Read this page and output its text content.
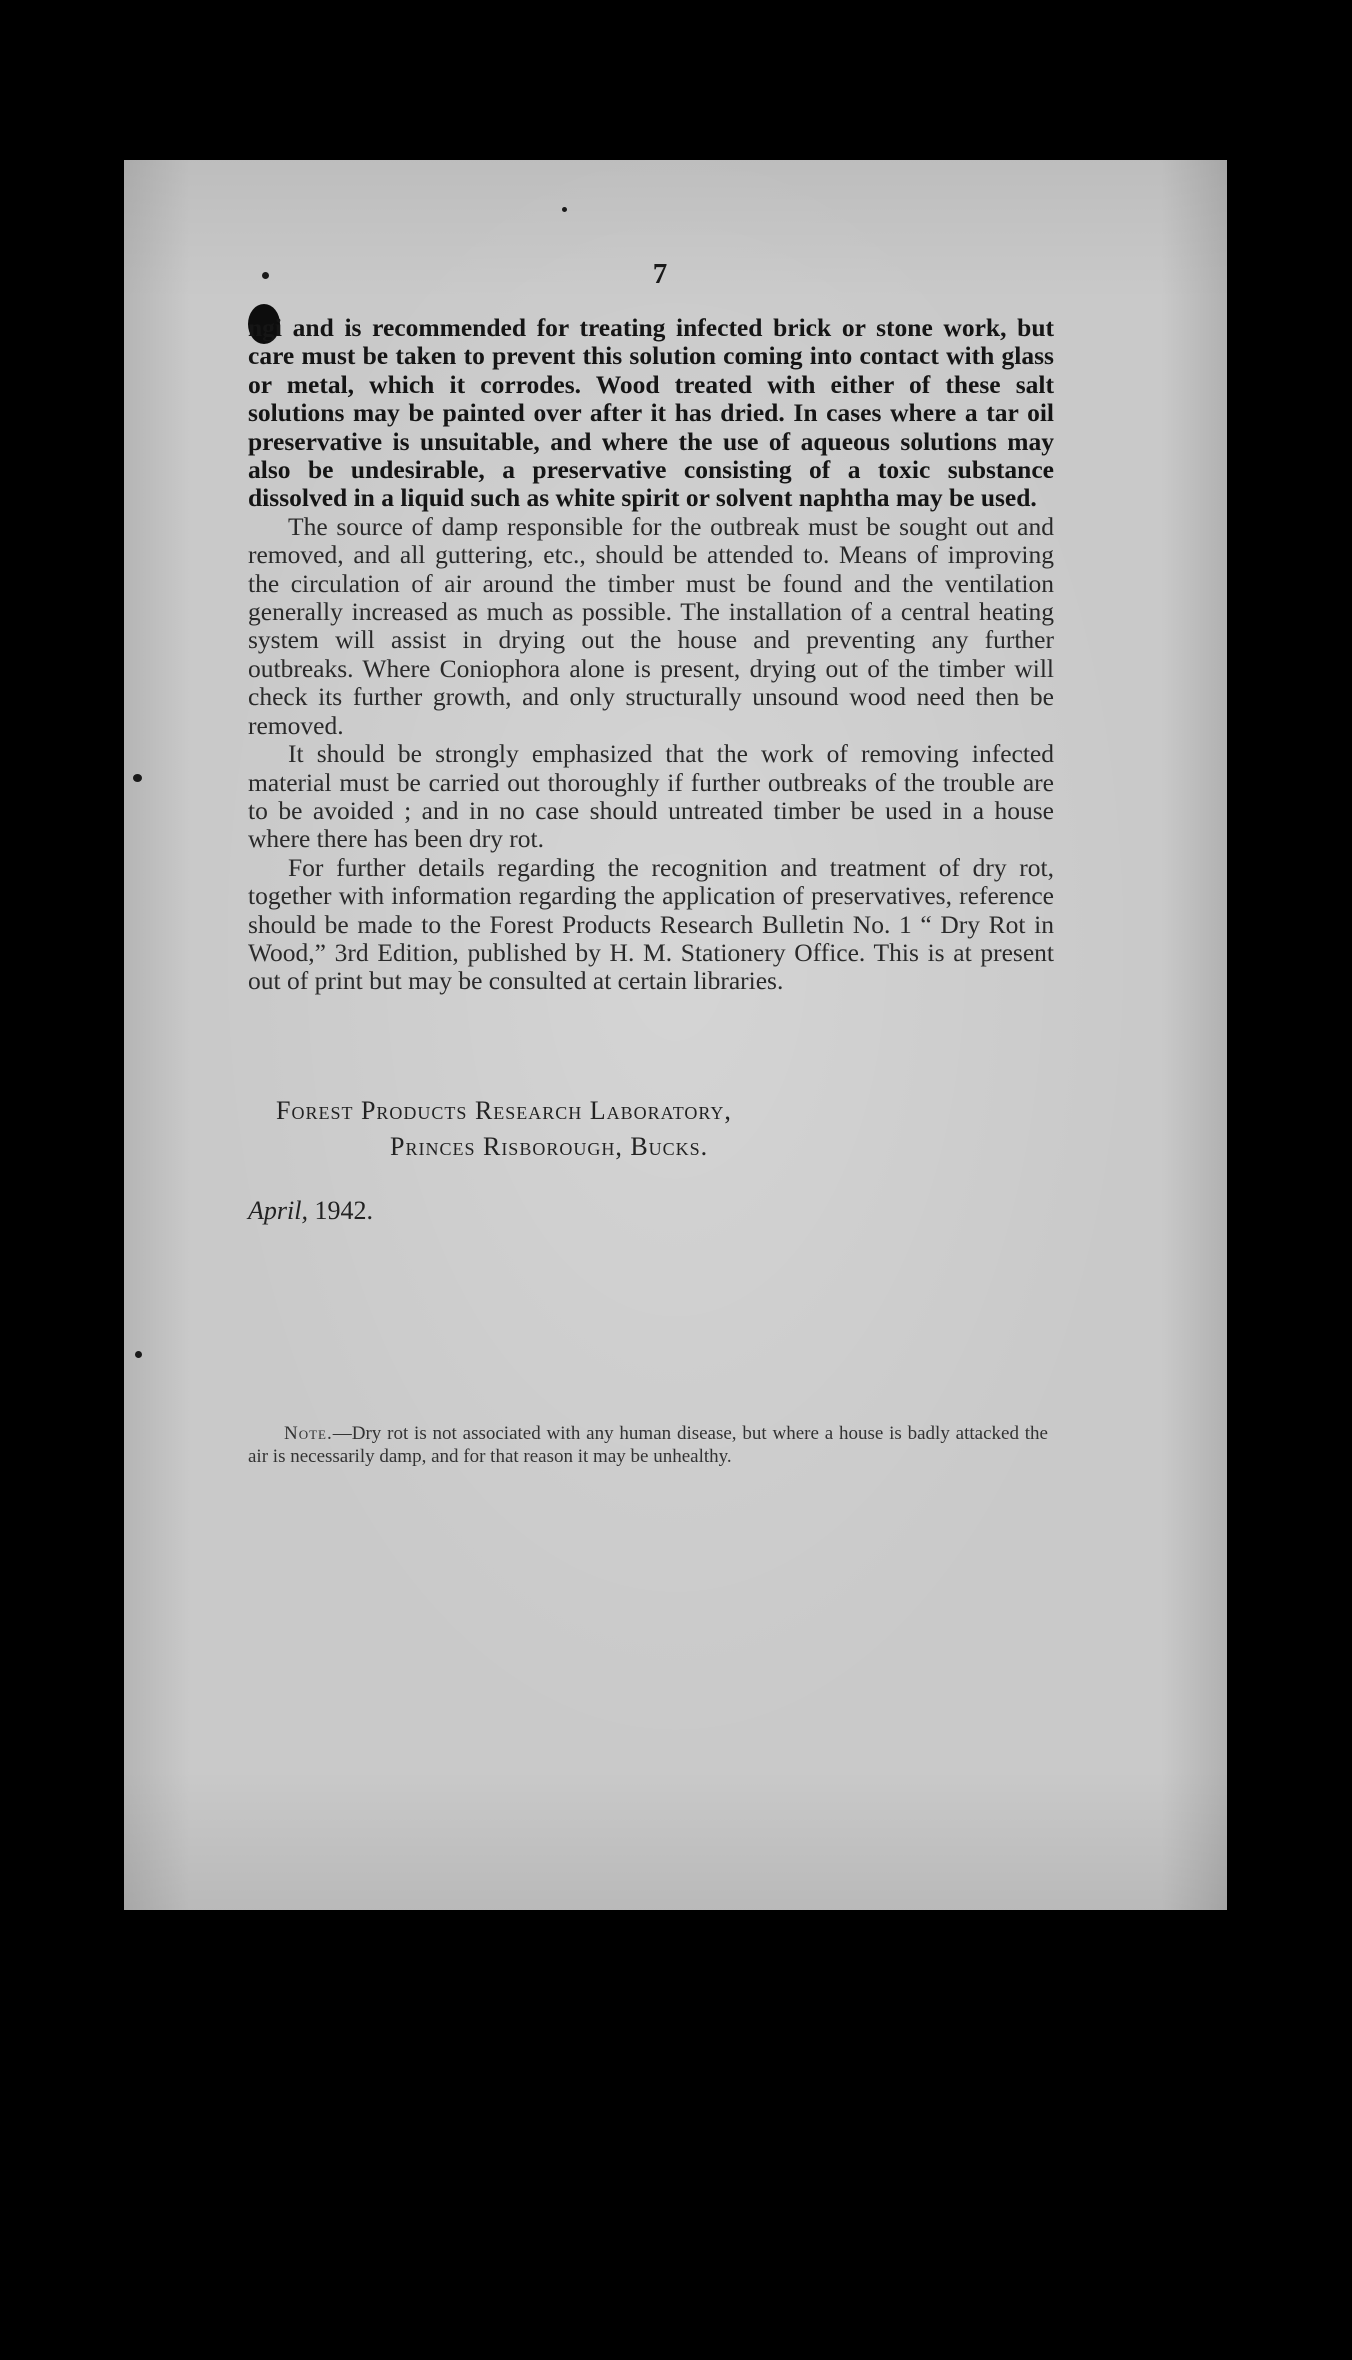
7

ngi and is recommended for treating infected brick or stone work, but care must be taken to prevent this solution coming into contact with glass or metal, which it corrodes. Wood treated with either of these salt solutions may be painted over after it has dried. In cases where a tar oil preservative is unsuitable, and where the use of aqueous solutions may also be undesirable, a preservative consisting of a toxic substance dissolved in a liquid such as white spirit or solvent naphtha may be used.

The source of damp responsible for the outbreak must be sought out and removed, and all guttering, etc., should be attended to. Means of improving the circulation of air around the timber must be found and the ventilation generally increased as much as possible. The installation of a central heating system will assist in drying out the house and preventing any further outbreaks. Where Coniophora alone is present, drying out of the timber will check its further growth, and only structurally unsound wood need then be removed.

It should be strongly emphasized that the work of removing infected material must be carried out thoroughly if further outbreaks of the trouble are to be avoided ; and in no case should untreated timber be used in a house where there has been dry rot.

For further details regarding the recognition and treatment of dry rot, together with information regarding the application of preservatives, reference should be made to the Forest Products Research Bulletin No. 1 “ Dry Rot in Wood,” 3rd Edition, published by H. M. Stationery Office. This is at present out of print but may be consulted at certain libraries.

Forest Products Research Laboratory,
Princes Risborough, Bucks.
April, 1942.
Note.—Dry rot is not associated with any human disease, but where a house is badly attacked the air is necessarily damp, and for that reason it may be unhealthy.
